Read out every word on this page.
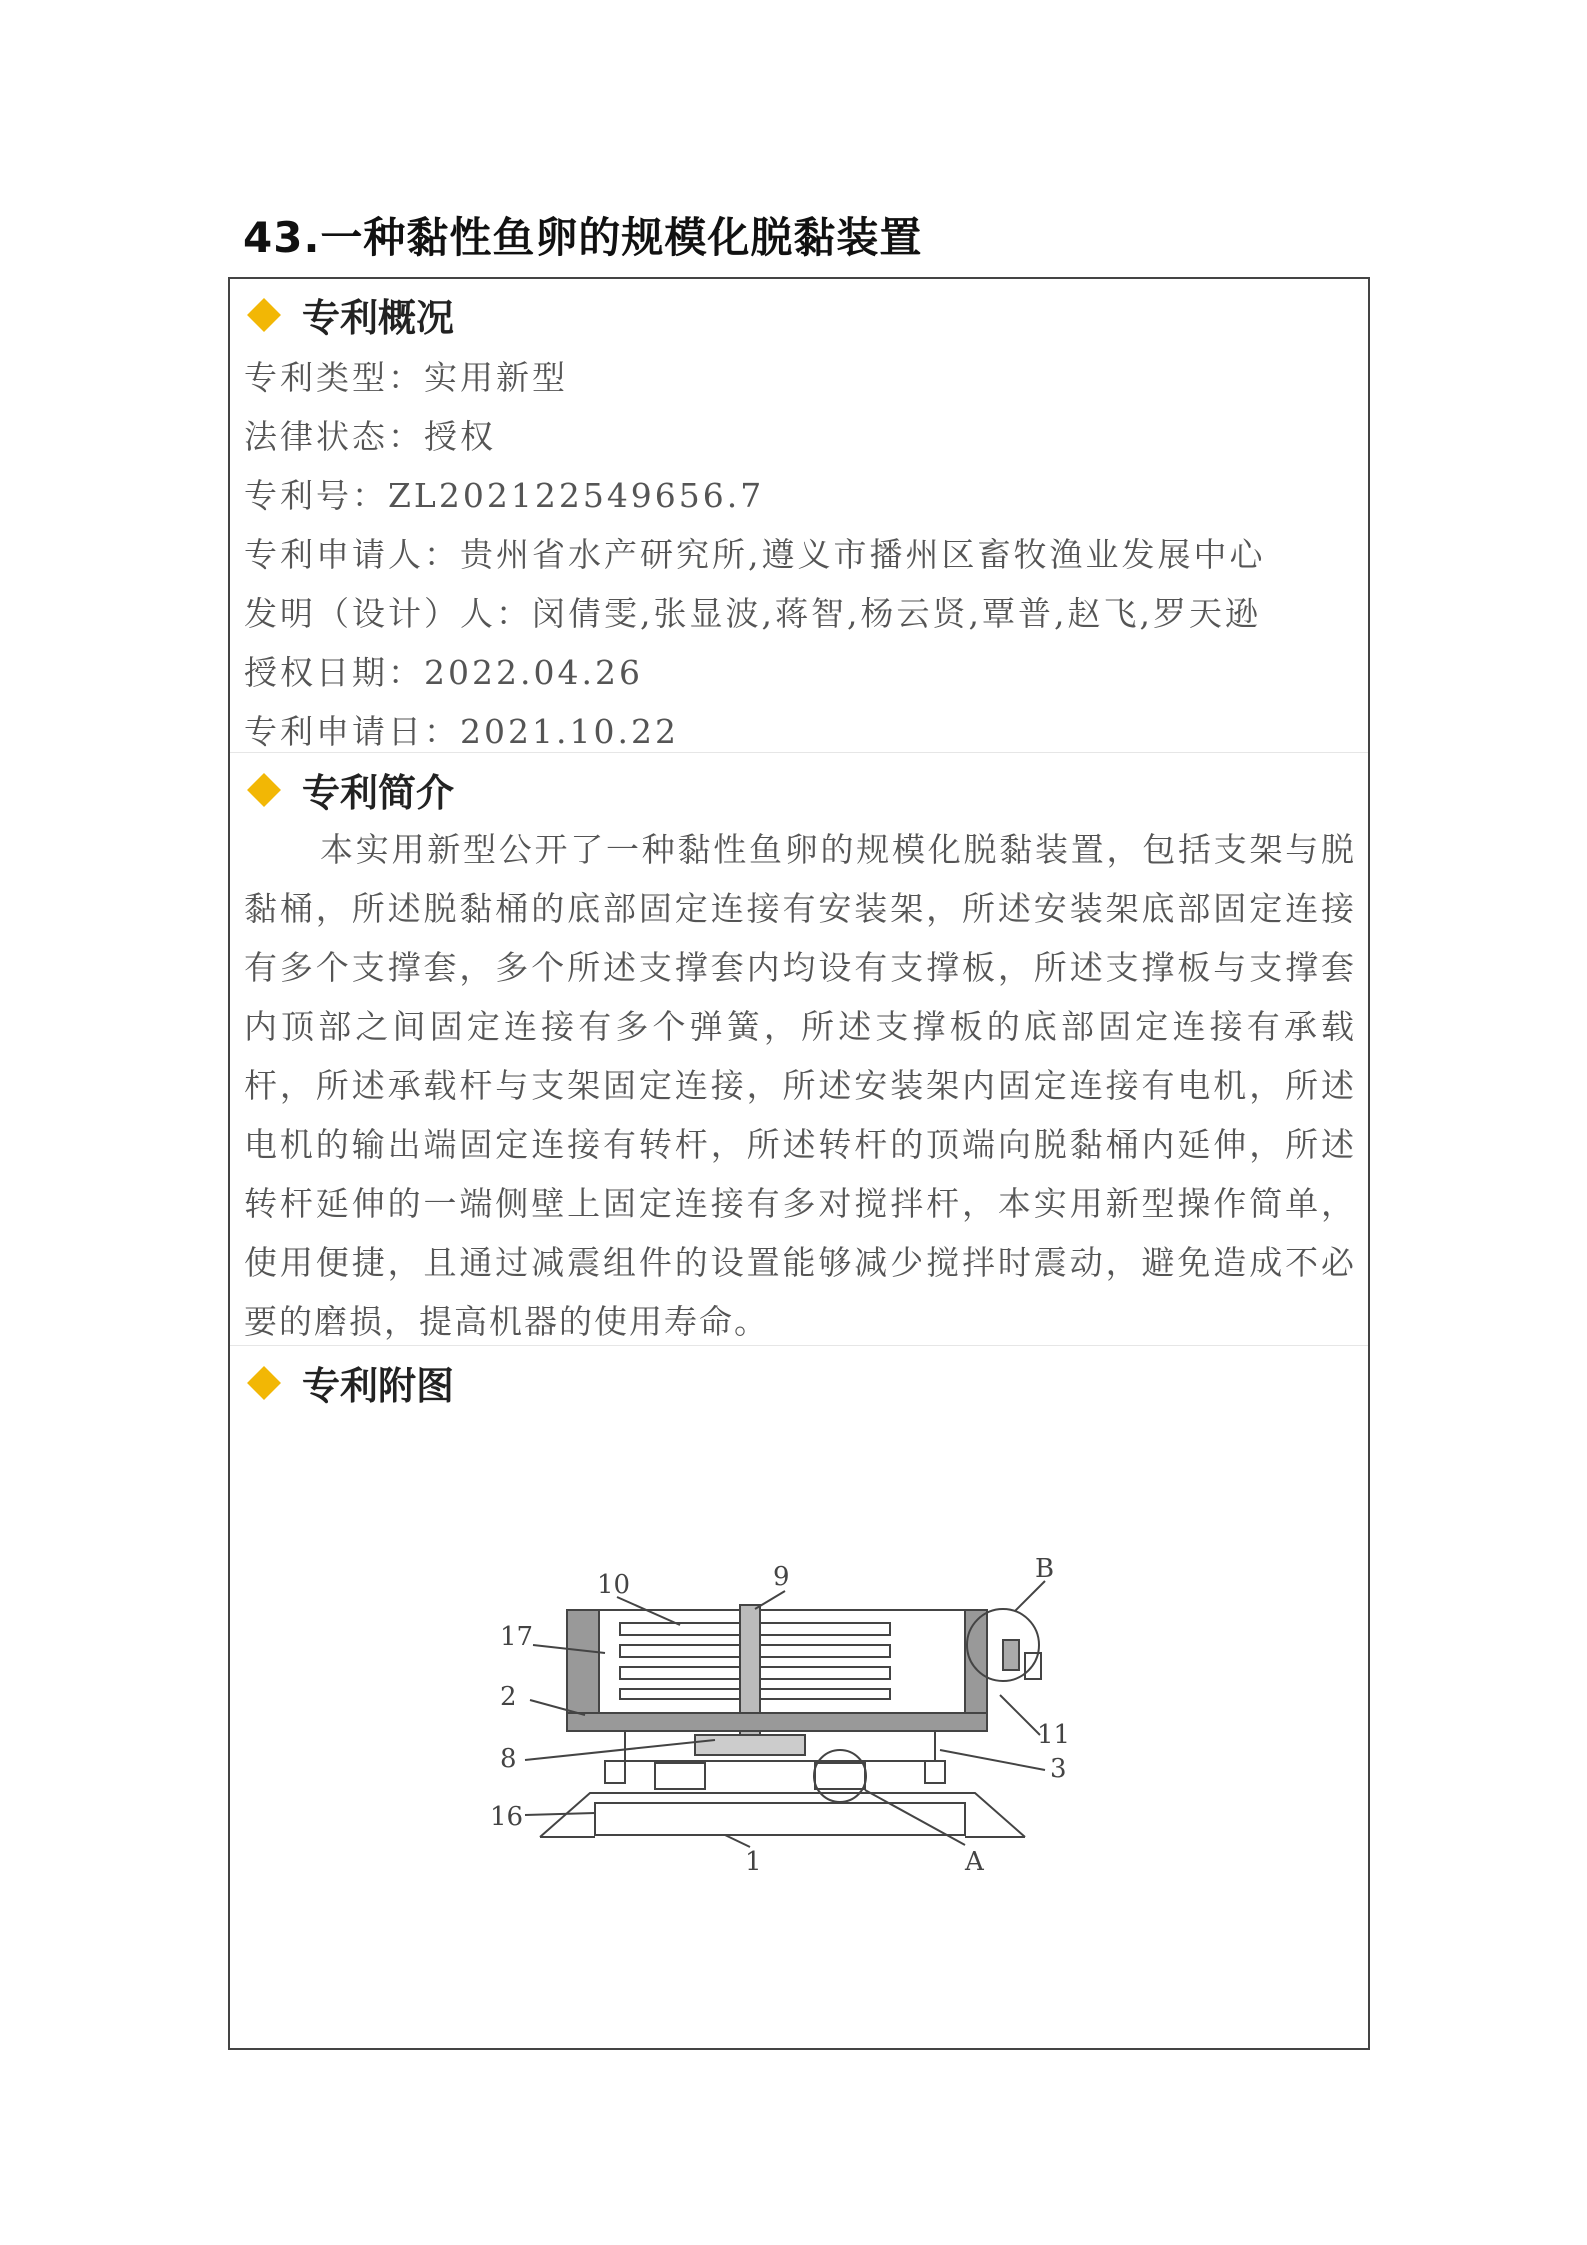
43.一种黏性鱼卵的规模化脱黏装置
专利概况
专利类型：实用新型
法律状态：授权
专利号：ZL202122549656.7
专利申请人：贵州省水产研究所,遵义市播州区畜牧渔业发展中心
发明（设计）人：闵倩雯,张显波,蒋智,杨云贤,覃普,赵飞,罗天逊
授权日期：2022.04.26
专利申请日：2021.10.22
专利简介

本实用新型公开了一种黏性鱼卵的规模化脱黏装置，包括支架与脱黏桶，所述脱黏桶的底部固定连接有安装架，所述安装架底部固定连接有多个支撑套，多个所述支撑套内均设有支撑板，所述支撑板与支撑套内顶部之间固定连接有多个弹簧，所述支撑板的底部固定连接有承载杆，所述承载杆与支架固定连接，所述安装架内固定连接有电机，所述电机的输出端固定连接有转杆，所述转杆的顶端向脱黏桶内延伸，所述转杆延伸的一端侧壁上固定连接有多对搅拌杆，本实用新型操作简单，使用便捷，且通过减震组件的设置能够减少搅拌时震动，避免造成不必要的磨损，提高机器的使用寿命。

专利附图
10	9	B
17
2
8
16
1	A
3
11
